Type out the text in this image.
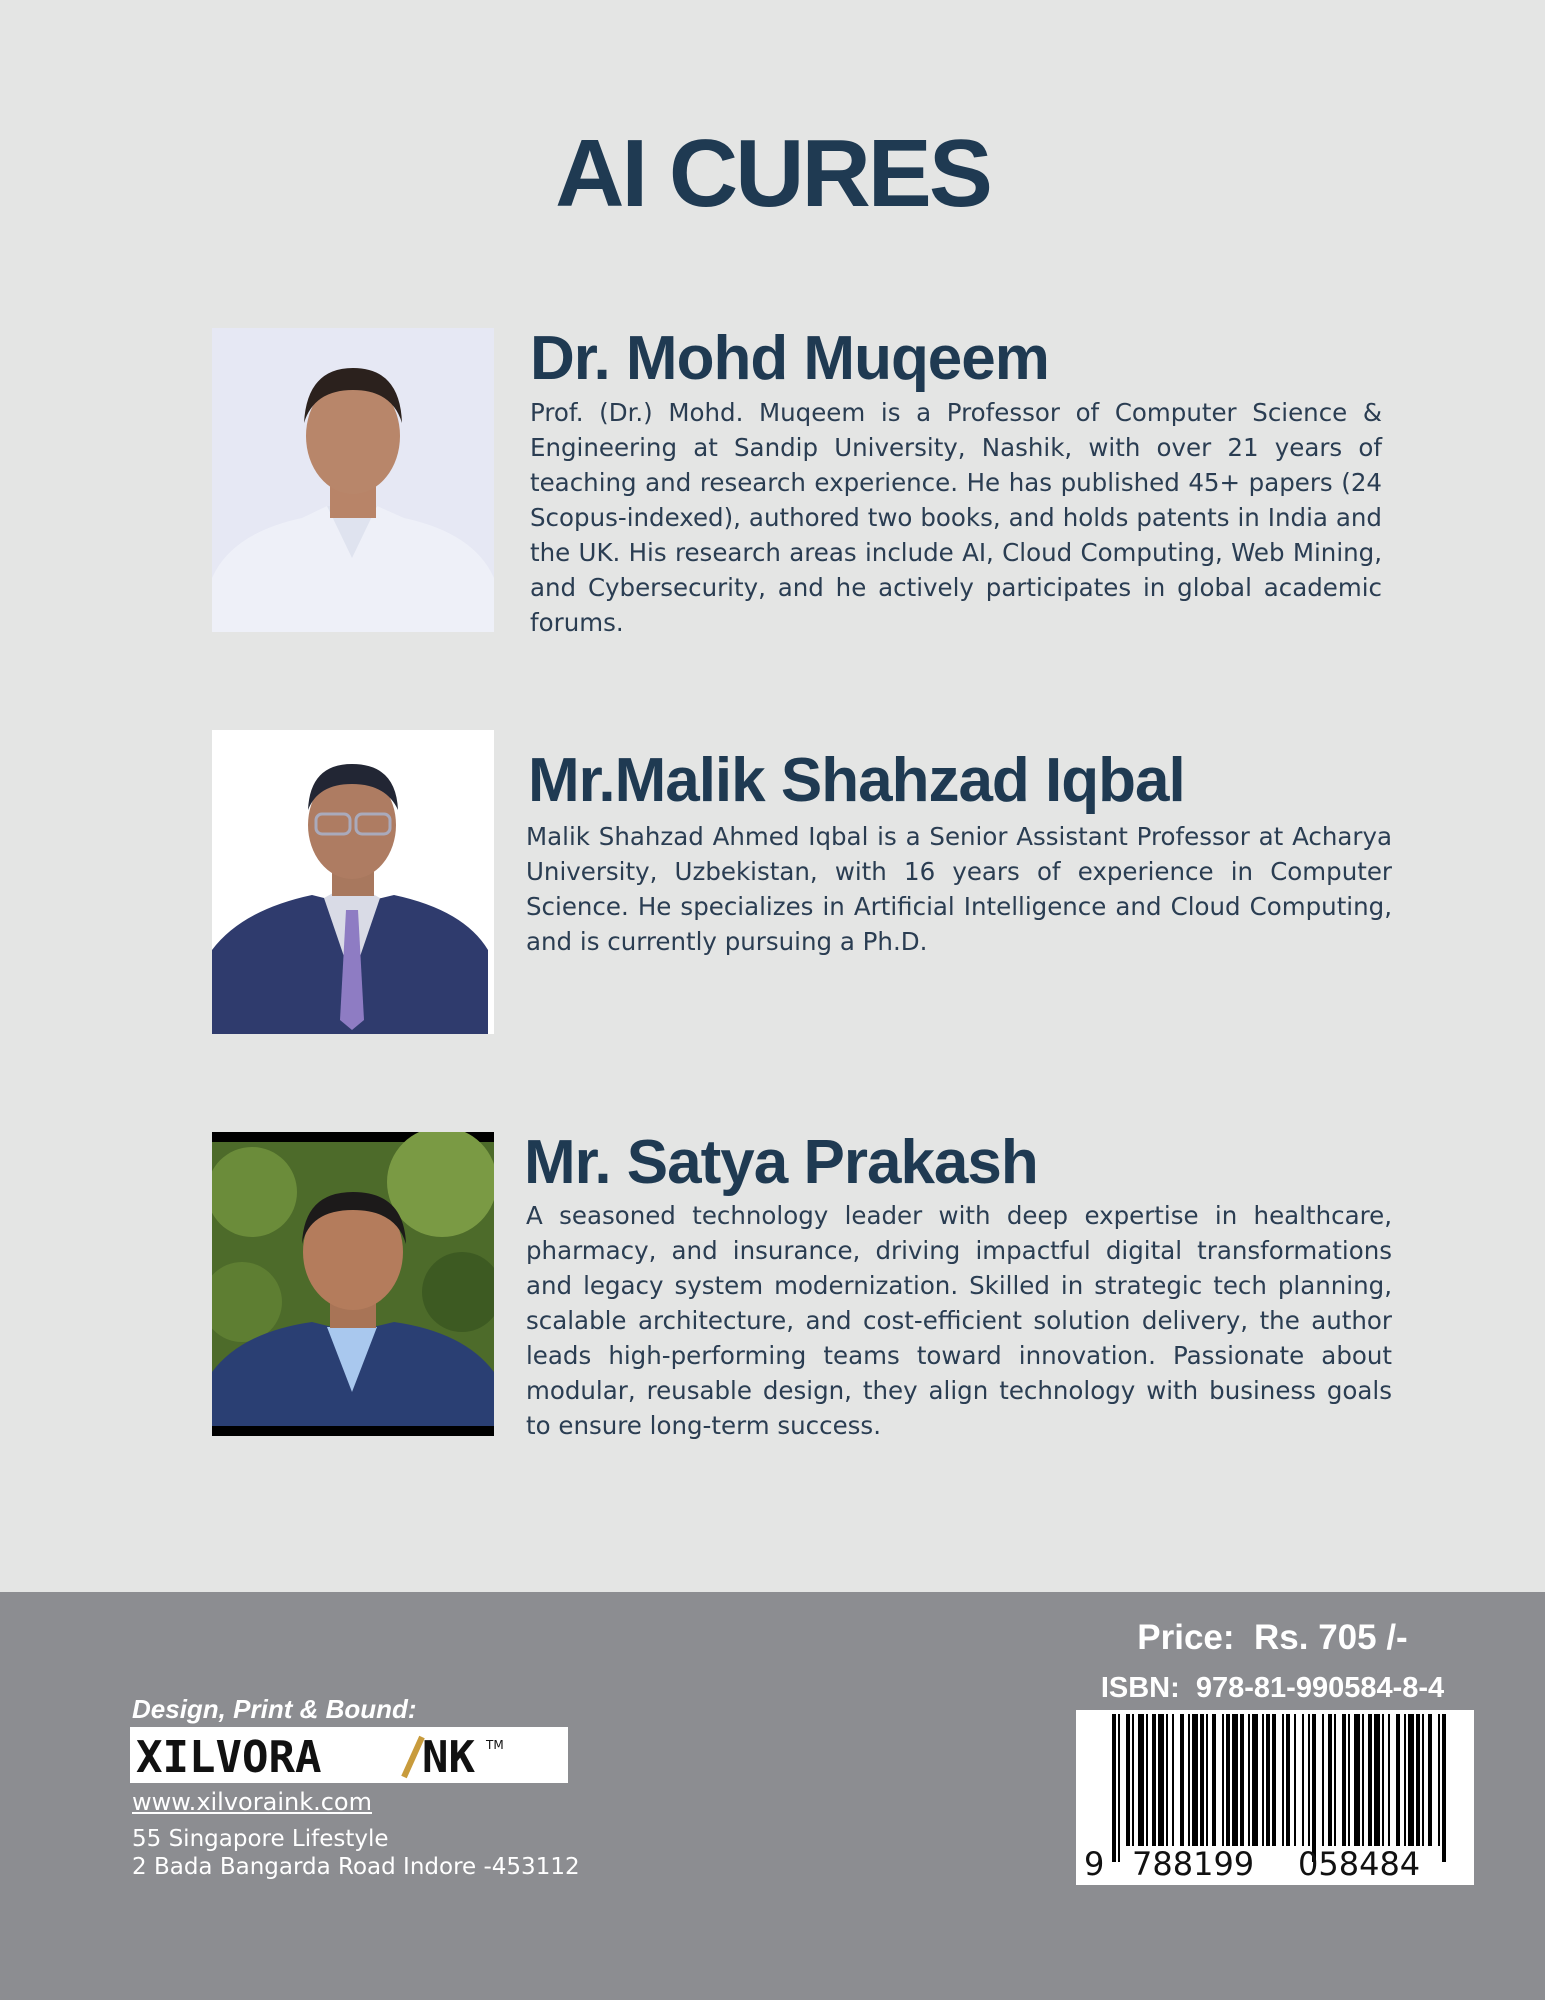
AI CURES
Dr. Mohd Muqeem

Prof. (Dr.) Mohd. Muqeem is a Professor of Computer Science & Engineering at Sandip University, Nashik, with over 21 years of teaching and research experience. He has published 45+ papers (24 Scopus-indexed), authored two books, and holds patents in India and the UK. His research areas include AI, Cloud Computing, Web Mining, and Cybersecurity, and he actively participates in global academic forums.

Mr.Malik Shahzad Iqbal

Malik Shahzad Ahmed Iqbal is a Senior Assistant Professor at Acharya University, Uzbekistan, with 16 years of experience in Computer Science. He specializes in Artificial Intelligence and Cloud Computing, and is currently pursuing a Ph.D.

Mr. Satya Prakash

A seasoned technology leader with deep expertise in healthcare, pharmacy, and insurance, driving impactful digital transformations and legacy system modernization. Skilled in strategic tech planning, scalable architecture, and cost-efficient solution delivery, the author leads high-performing teams toward innovation. Passionate about modular, reusable design, they align technology with business goals to ensure long-term success.

Design, Print & Bound:
XILVORA NK TM
www.xilvoraink.com
55 Singapore Lifestyle
2 Bada Bangarda Road Indore -453112
Price:  Rs. 705 /-
ISBN:  978-81-990584-8-4
9 788199 058484
